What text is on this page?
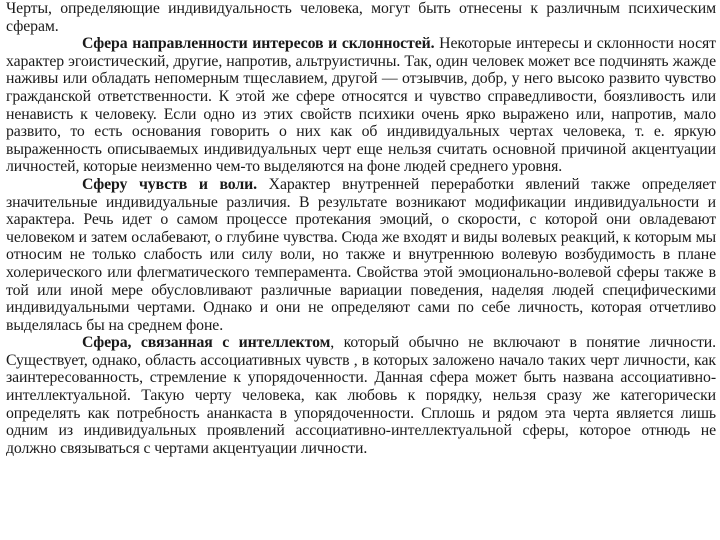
Черты, определяющие индивидуальность человека, могут быть отнесены к различным психическим сферам.

Сфера направленности интересов и склонностей. Некоторые интересы и склонности носят характер эгоистический, другие, напротив, альтруистичны. Так, один человек может все подчинять жажде наживы или обладать непомерным тщеславием, другой — отзывчив, добр, у него высоко развито чувство гражданской ответственности. К этой же сфере относятся и чувство справедливости, боязливость или ненависть к человеку. Если одно из этих свойств психики очень ярко выражено или, напротив, мало развито, то есть основания говорить о них как об индивидуальных чертах человека, т. е. яркую выраженность описываемых индивидуальных черт еще нельзя считать основной причиной акцентуации личностей, которые неизменно чем-то выделяются на фоне людей среднего уровня.

Сферу чувств и воли. Характер внутренней переработки явлений также определяет значительные индивидуальные различия. В результате возникают модификации индивидуальности и характера. Речь идет о самом процессе протекания эмоций, о скорости, с которой они овладевают человеком и затем ослабевают, о глубине чувства. Сюда же входят и виды волевых реакций, к которым мы относим не только слабость или силу воли, но также и внутреннюю волевую возбудимость в плане холерического или флегматического темперамента. Свойства этой эмоционально-волевой сферы также в той или иной мере обусловливают различные вариации поведения, наделяя людей специфическими индивидуальными чертами. Однако и они не определяют сами по себе личность, которая отчетливо выделялась бы на среднем фоне.

Сфера, связанная с интеллектом, который обычно не включают в понятие личности. Существует, однако, область ассоциативных чувств , в которых заложено начало таких черт личности, как заинтересованность, стремление к упорядоченности. Данная сфера может быть названа ассоциативно-интеллектуальной. Такую черту человека, как любовь к порядку, нельзя сразу же категорически определять как потребность ананкаста в упорядоченности. Сплошь и рядом эта черта является лишь одним из индивидуальных проявлений ассоциативно-интеллектуальной сферы, которое отнюдь не должно связываться с чертами акцентуации личности.
